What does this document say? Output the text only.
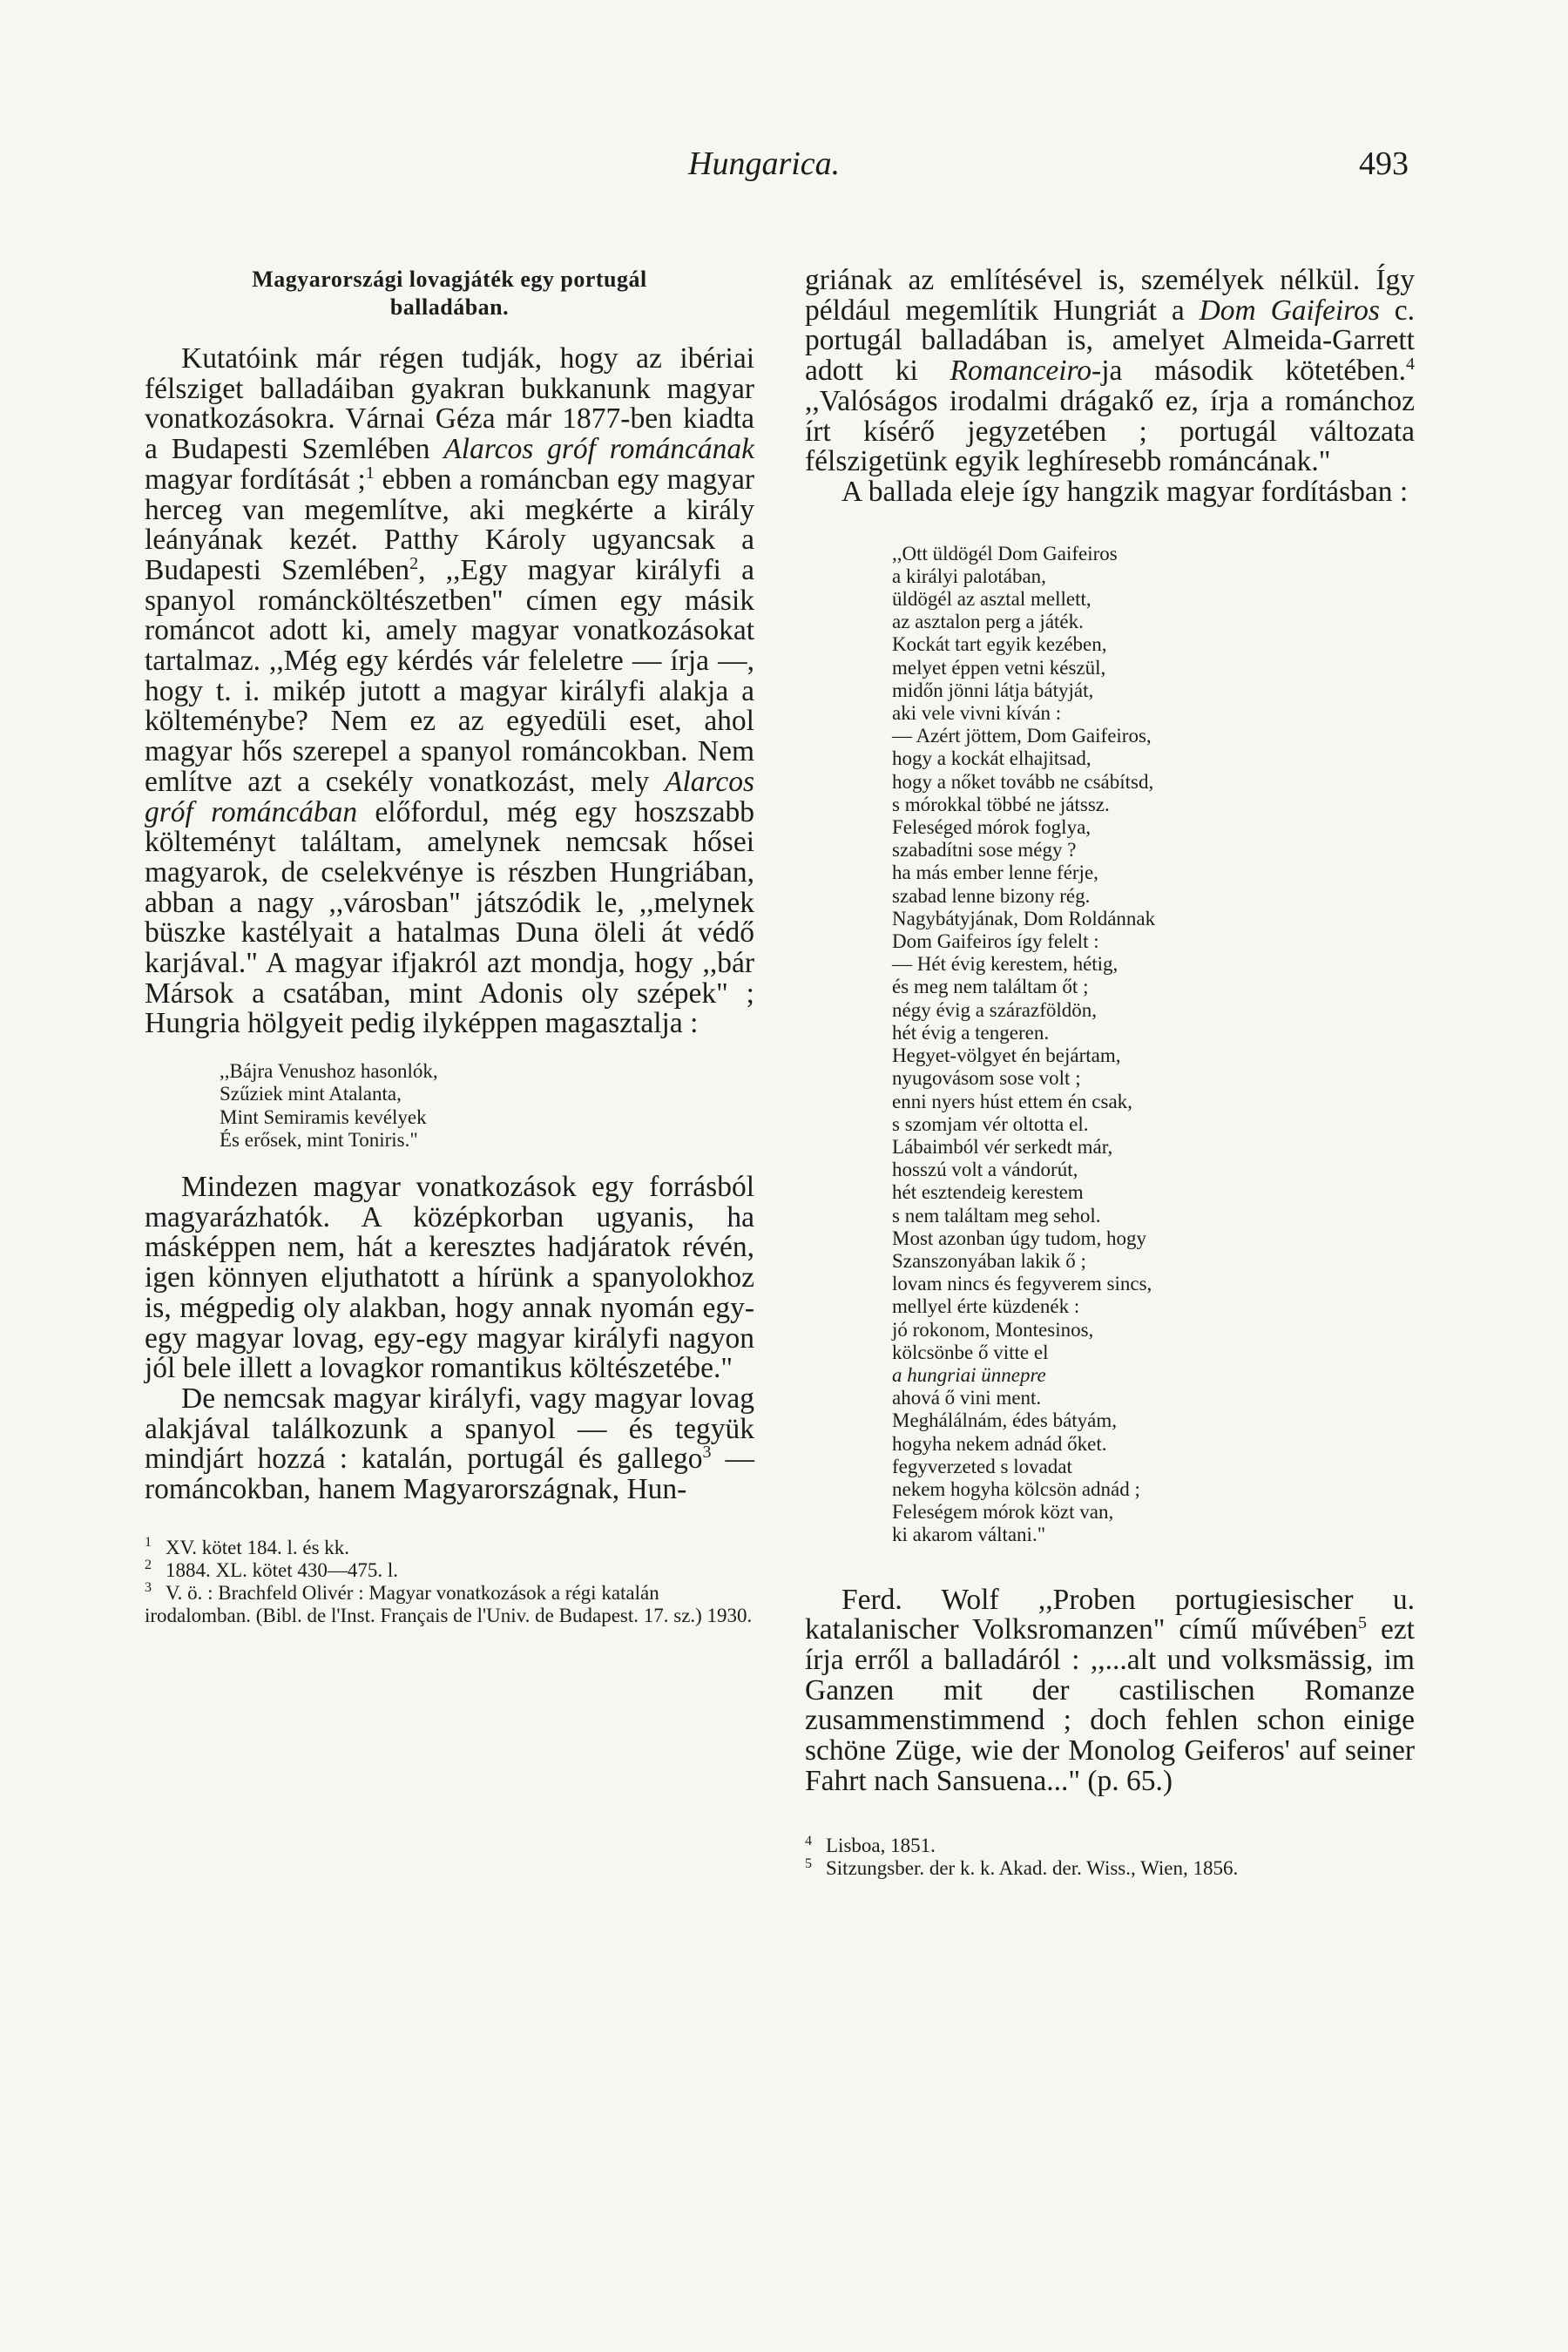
Hungarica.	493
Magyarországi lovagjáték egy portugál
balladában.

Kutatóink már régen tudják, hogy az ibériai félsziget balladáiban gyakran bukkanunk magyar vonatkozásokra. Várnai Géza már 1877-ben kiadta a Budapesti Szemlében Alarcos gróf románcának magyar fordítását ;$^1$ ebben a románcban egy magyar herceg van megemlítve, aki megkérte a király leányának kezét. Patthy Károly ugyancsak a Budapesti Szemlében$^2$, ,,Egy magyar királyfi a spanyol románcköltészetben" címen egy másik románcot adott ki, amely magyar vonatkozásokat tartalmaz. ,,Még egy kérdés vár feleletre — írja —, hogy t. i. mikép jutott a magyar királyfi alakja a költeménybe? Nem ez az egyedüli eset, ahol magyar hős szerepel a spanyol románcokban. Nem említve azt a csekély vonatkozást, mely Alarcos gróf románcában előfordul, még egy hoszszabb költeményt találtam, amelynek nemcsak hősei magyarok, de cselekvénye is részben Hungriában, abban a nagy ,,városban" játszódik le, ,,melynek büszke kastélyait a hatalmas Duna öleli át védő karjával." A magyar ifjakról azt mondja, hogy ,,bár Mársok a csatában, mint Adonis oly szépek" ; Hungria hölgyeit pedig ilyképpen magasztalja :

,,Bájra Venushoz hasonlók,
Szűziek mint Atalanta,
Mint Semiramis kevélyek
És erősek, mint Toniris."

Mindezen magyar vonatkozások egy forrásból magyarázhatók. A középkorban ugyanis, ha másképpen nem, hát a keresztes hadjáratok révén, igen könnyen eljuthatott a hírünk a spanyolokhoz is, mégpedig oly alakban, hogy annak nyomán egy-egy magyar lovag, egy-egy magyar királyfi nagyon jól bele illett a lovagkor romantikus költészetébe."

De nemcsak magyar királyfi, vagy magyar lovag alakjával találkozunk a spanyol — és tegyük mindjárt hozzá : katalán, portugál és gallego$^3$ — románcokban, hanem Magyarországnak, Hun-

1 XV. kötet 184. l. és kk.

2 1884. XL. kötet 430—475. l.

3 V. ö. : Brachfeld Olivér : Magyar vonatkozások a régi katalán irodalomban. (Bibl. de l'Inst. Français de l'Univ. de Budapest. 17. sz.) 1930.

griának az említésével is, személyek nélkül. Így például megemlítik Hungriát a Dom Gaifeiros c. portugál balladában is, amelyet Almeida-Garrett adott ki Romanceiro-ja második kötetében.$^4$ ,,Valóságos irodalmi drágakő ez, írja a románchoz írt kísérő jegyzetében ; portugál változata félszigetünk egyik leghíresebb románcának."

A ballada eleje így hangzik magyar fordításban :

,,Ott üldögél Dom Gaifeiros
a királyi palotában,
üldögél az asztal mellett,
az asztalon perg a játék.
Kockát tart egyik kezében,
melyet éppen vetni készül,
midőn jönni látja bátyját,
aki vele vivni kíván :
— Azért jöttem, Dom Gaifeiros,
hogy a kockát elhajitsad,
hogy a nőket tovább ne csábítsd,
s mórokkal többé ne játssz.
Feleséged mórok foglya,
szabadítni sose mégy ?
ha más ember lenne férje,
szabad lenne bizony rég.
Nagybátyjának, Dom Roldánnak
Dom Gaifeiros így felelt :
— Hét évig kerestem, hétig,
és meg nem találtam őt ;
négy évig a szárazföldön,
hét évig a tengeren.
Hegyet-völgyet én bejártam,
nyugovásom sose volt ;
enni nyers húst ettem én csak,
s szomjam vér oltotta el.
Lábaimból vér serkedt már,
hosszú volt a vándorút,
hét esztendeig kerestem
s nem találtam meg sehol.
Most azonban úgy tudom, hogy
Szanszonyában lakik ő ;
lovam nincs és fegyverem sincs,
mellyel érte küzdenék :
jó rokonom, Montesinos,
kölcsönbe ő vitte el
a hungriai ünnepre
ahová ő vini ment.
Meghálálnám, édes bátyám,
hogyha nekem adnád őket.
fegyverzeted s lovadat
nekem hogyha kölcsön adnád ;
Feleségem mórok közt van,
ki akarom váltani."

Ferd. Wolf ,,Proben portugiesischer u. katalanischer Volksromanzen" című művében$^5$ ezt írja erről a balladáról : ,,...alt und volksmässig, im Ganzen mit der castilischen Romanze zusammenstimmend ; doch fehlen schon einige schöne Züge, wie der Monolog Geiferos' auf seiner Fahrt nach Sansuena..." (p. 65.)

4 Lisboa, 1851.

5 Sitzungsber. der k. k. Akad. der. Wiss., Wien, 1856.
